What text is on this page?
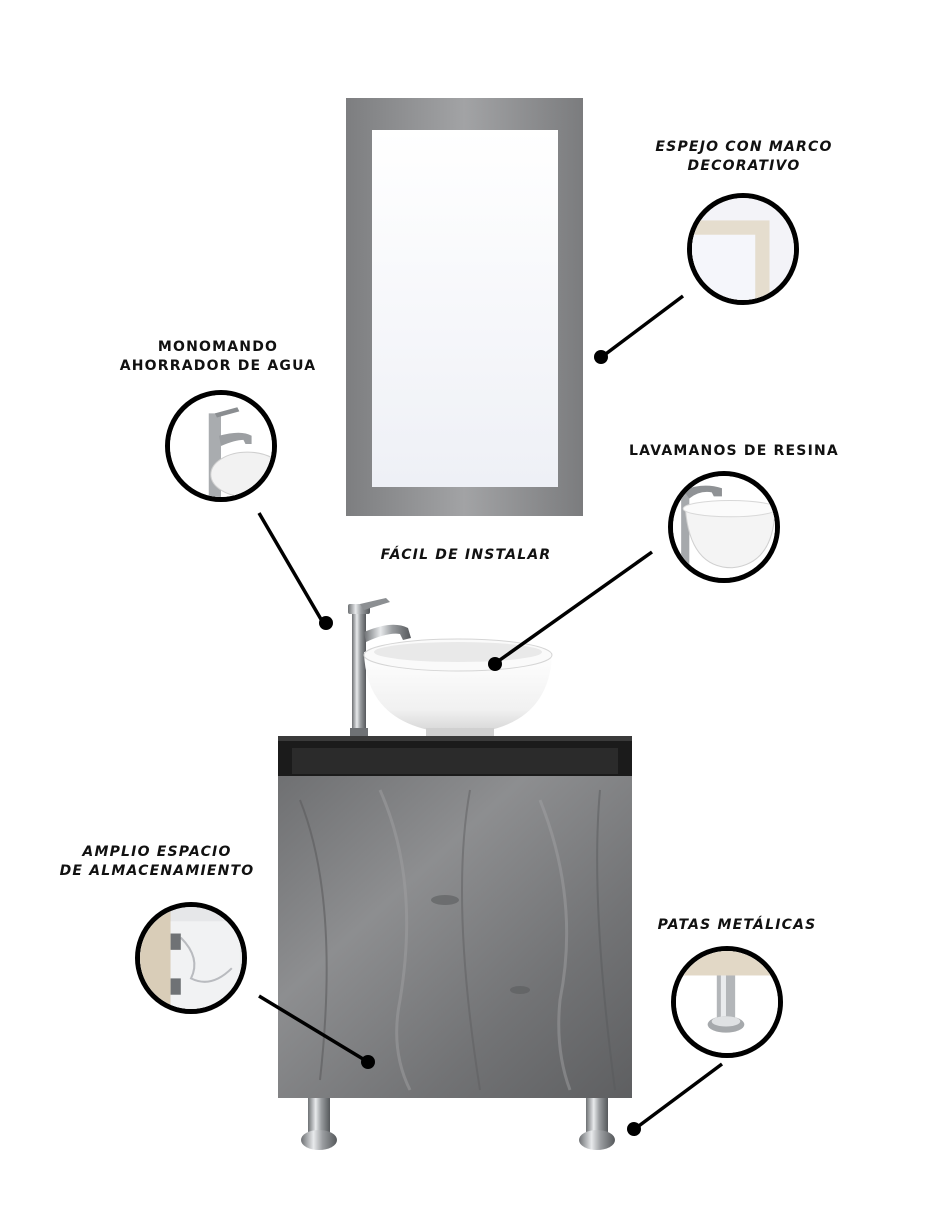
ESPEJO CON MARCO
DECORATIVO
MONOMANDO
AHORRADOR DE AGUA
LAVAMANOS DE RESINA
FÁCIL DE INSTALAR
AMPLIO ESPACIO
DE ALMACENAMIENTO
PATAS METÁLICAS
